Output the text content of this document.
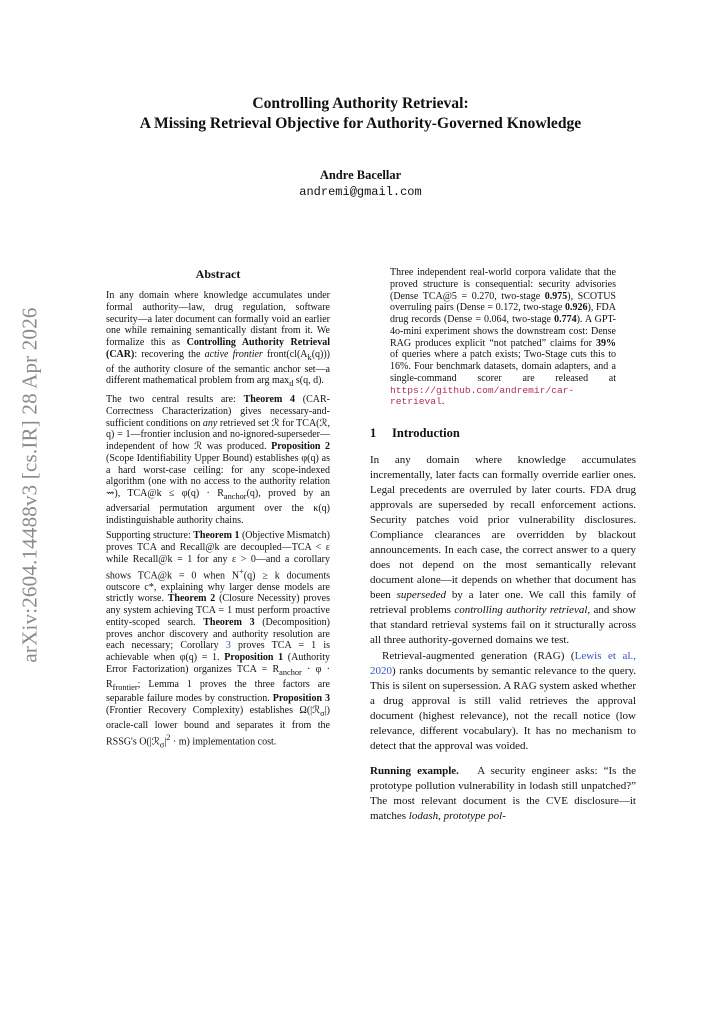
arXiv:2604.14488v3 [cs.IR] 28 Apr 2026
Controlling Authority Retrieval:
A Missing Retrieval Objective for Authority-Governed Knowledge
Andre Bacellar
andremi@gmail.com
Abstract

In any domain where knowledge accumulates under formal authority—law, drug regulation, software security—a later document can formally void an earlier one while remaining semantically distant from it. We formalize this as Controlling Authority Retrieval (CAR): recovering the active frontier $front(cl(A_k(q)))$ of the authority closure of the semantic anchor set—a different mathematical problem from arg $\max_d s(q$, d).

The two central results are: Theorem 4 (CAR-Correctness Characterization) gives necessary-and-sufficient conditions on any retrieved set ℛ for TCA(ℛ, q) = 1—frontier inclusion and no-ignored-superseder—independent of how ℛ was produced. Proposition 2 (Scope Identifiability Upper Bound) establishes φ(q) as a hard worst-case ceiling: for any scope-indexed algorithm (one with no access to the authority relation ⇝), TCA@k ≤ $\varphi(q) \cdot R_{anchor}(q)$, proved by an adversarial permutation argument over the κ(q) indistinguishable authority chains.

Supporting structure: Theorem 1 (Objective Mismatch) proves TCA and Recall@k are decoupled—TCA < ε while Recall@k = 1 for any ε > 0—and a corollary shows TCA@k = 0 when N+(q) ≥ k documents outscore c*, explaining why larger dense models are strictly worse. Theorem 2 (Closure Necessity) proves any system achieving TCA = 1 must perform proactive entity-scoped search. Theorem 3 (Decomposition) proves anchor discovery and authority resolution are each necessary; Corollary 3 proves TCA = 1 is achievable when φ(q) = 1. Proposition 1 (Authority Error Factorization) organizes TCA = $R_{anchor} \cdot \varphi \cdot R_{frontier}$; Lemma 1 proves the three factors are separable failure modes by construction. Proposition 3 (Frontier Recovery Complexity) establishes Ω(|ℛ$_\sigma$|) oracle-call lower bound and separates it from the RSSG's $O(|ℛ_\sigma|^2 \cdot m)$ implementation cost.

Three independent real-world corpora validate that the proved structure is consequential: security advisories (Dense TCA@5 = 0.270, two-stage 0.975), SCOTUS overruling pairs (Dense = 0.172, two-stage 0.926), FDA drug records (Dense = 0.064, two-stage 0.774). A GPT-4o-mini experiment shows the downstream cost: Dense RAG produces explicit “not patched” claims for 39% of queries where a patch exists; Two-Stage cuts this to 16%. Four benchmark datasets, domain adapters, and a single-command scorer are released at https://github.com/andremir/car-retrieval.

1 Introduction

In any domain where knowledge accumulates incrementally, later facts can formally override earlier ones. Legal precedents are overruled by later courts. FDA drug approvals are superseded by recall enforcement actions. Security patches void prior vulnerability disclosures. Compliance clearances are overridden by blackout announcements. In each case, the correct answer to a query does not depend on the most semantically relevant document alone—it depends on whether that document has been superseded by a later one. We call this family of retrieval problems controlling authority retrieval, and show that standard retrieval systems fail on it structurally across all three authority-governed domains we test.

Retrieval-augmented generation (RAG) (Lewis et al., 2020) ranks documents by semantic relevance to the query. This is silent on supersession. A RAG system asked whether a drug approval is still valid retrieves the approval document (highest relevance), not the recall notice (low relevance, different vocabulary). It has no mechanism to detect that the approval was voided.

Running example. A security engineer asks: “Is the prototype pollution vulnerability in lodash still unpatched?” The most relevant document is the CVE disclosure—it matches lodash, prototype pol-
